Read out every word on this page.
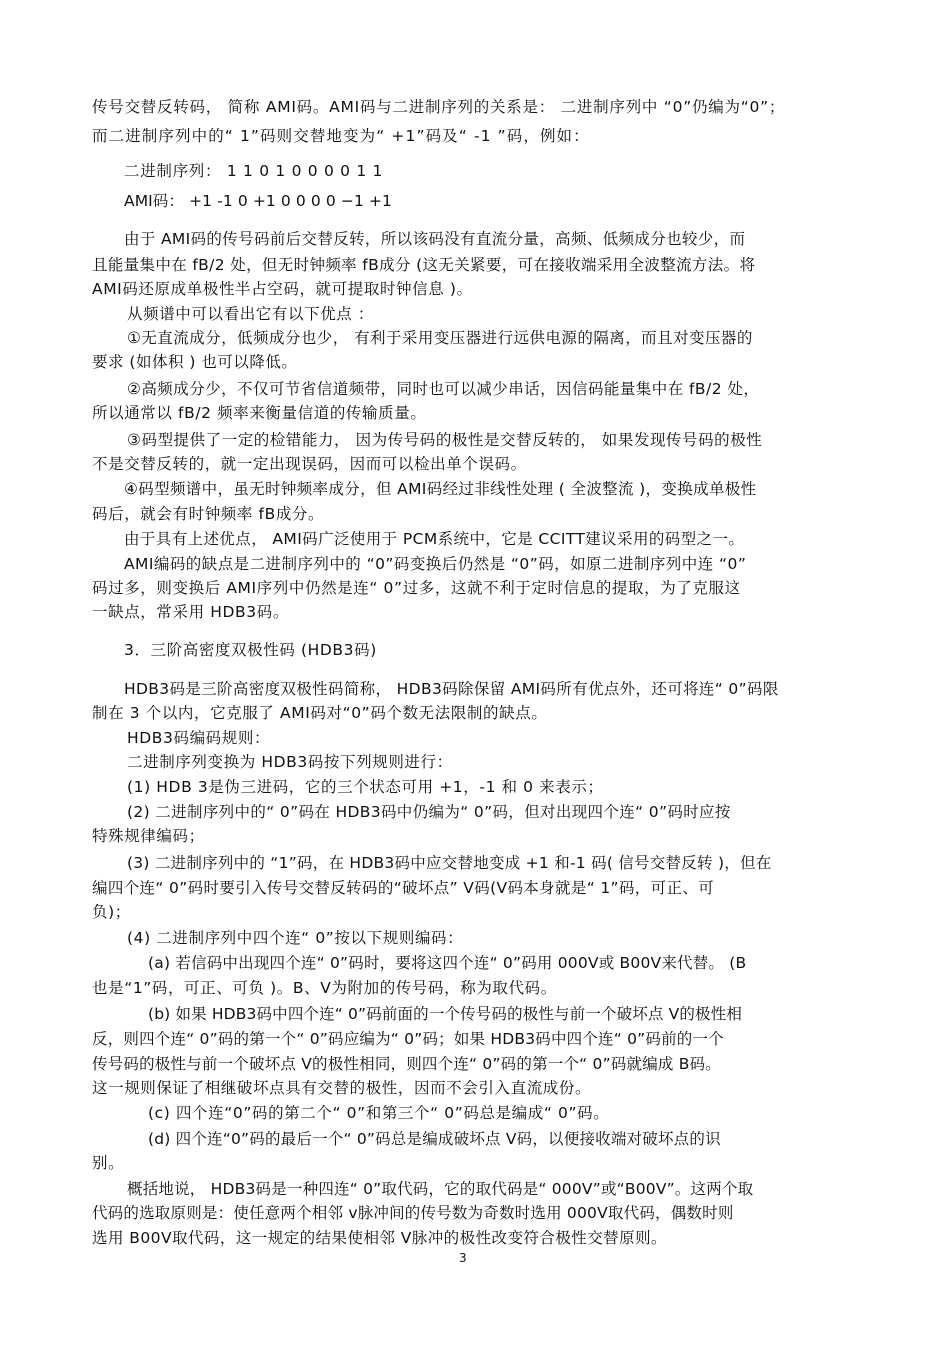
传号交替反转码， 简称 AMI码。AMI码与二进制序列的关系是： 二进制序列中 “0”仍编为“0”；
而二进制序列中的“ 1”码则交替地变为“ +1”码及“ -1 ”码，例如：
二进制序列： 1 1 0 1 0 0 0 0 1 1
AMI码： +1 -1 0 +1 0 0 0 0 −1 +1
由于 AMI码的传号码前后交替反转，所以该码没有直流分量，高频、低频成分也较少，而
且能量集中在 fB/2 处，但无时钟频率 fB成分 (这无关紧要，可在接收端采用全波整流方法。将
AMI码还原成单极性半占空码，就可提取时钟信息 )。
从频谱中可以看出它有以下优点 ：
①无直流成分，低频成分也少， 有利于采用变压器进行远供电源的隔离，而且对变压器的
要求 (如体积 ) 也可以降低。
②高频成分少，不仅可节省信道频带，同时也可以减少串话，因信码能量集中在 fB/2 处，
所以通常以 fB/2 频率来衡量信道的传输质量。
③码型提供了一定的检错能力， 因为传号码的极性是交替反转的， 如果发现传号码的极性
不是交替反转的，就一定出现误码，因而可以检出单个误码。
④码型频谱中，虽无时钟频率成分，但 AMI码经过非线性处理 ( 全波整流 )，变换成单极性
码后，就会有时钟频率 fB成分。
由于具有上述优点， AMI码广泛使用于 PCM系统中，它是 CCITT建议采用的码型之一。
AMI编码的缺点是二进制序列中的 “0”码变换后仍然是 “0”码，如原二进制序列中连 “0”
码过多，则变换后 AMI序列中仍然是连“ 0”过多，这就不利于定时信息的提取，为了克服这
一缺点，常采用 HDB3码。
3．三阶高密度双极性码 (HDB3码)
HDB3码是三阶高密度双极性码简称， HDB3码除保留 AMI码所有优点外，还可将连“ 0”码限
制在 3 个以内，它克服了 AMI码对“0”码个数无法限制的缺点。
HDB3码编码规则：
二进制序列变换为 HDB3码按下列规则进行：
(1) HDB 3是伪三进码，它的三个状态可用 +1，-1 和 0 来表示；
(2) 二进制序列中的“ 0”码在 HDB3码中仍编为“ 0”码，但对出现四个连“ 0”码时应按
特殊规律编码；
(3) 二进制序列中的 “1”码，在 HDB3码中应交替地变成 +1 和-1 码( 信号交替反转 )，但在
编四个连“ 0”码时要引入传号交替反转码的“破坏点” V码(V码本身就是“ 1”码，可正、可
负)；
(4) 二进制序列中四个连“ 0”按以下规则编码：
(a) 若信码中出现四个连“ 0”码时，要将这四个连“ 0”码用 000V或 B00V来代替。 (B
也是“1”码，可正、可负 )。B、V为附加的传号码，称为取代码。
(b) 如果 HDB3码中四个连“ 0”码前面的一个传号码的极性与前一个破坏点 V的极性相
反，则四个连“ 0”码的第一个“ 0”码应编为“ 0”码；如果 HDB3码中四个连“ 0”码前的一个
传号码的极性与前一个破坏点 V的极性相同，则四个连“ 0”码的第一个“ 0”码就编成 B码。
这一规则保证了相继破坏点具有交替的极性，因而不会引入直流成份。
(c) 四个连“0”码的第二个“ 0”和第三个“ 0”码总是编成“ 0”码。
(d) 四个连“0”码的最后一个“ 0”码总是编成破坏点 V码，以便接收端对破坏点的识
别。
概括地说， HDB3码是一种四连“ 0”取代码，它的取代码是“ 000V”或“B00V”。这两个取
代码的选取原则是：使任意两个相邻 v脉冲间的传号数为奇数时选用 000V取代码，偶数时则
选用 B00V取代码，这一规定的结果使相邻 V脉冲的极性改变符合极性交替原则。
3
